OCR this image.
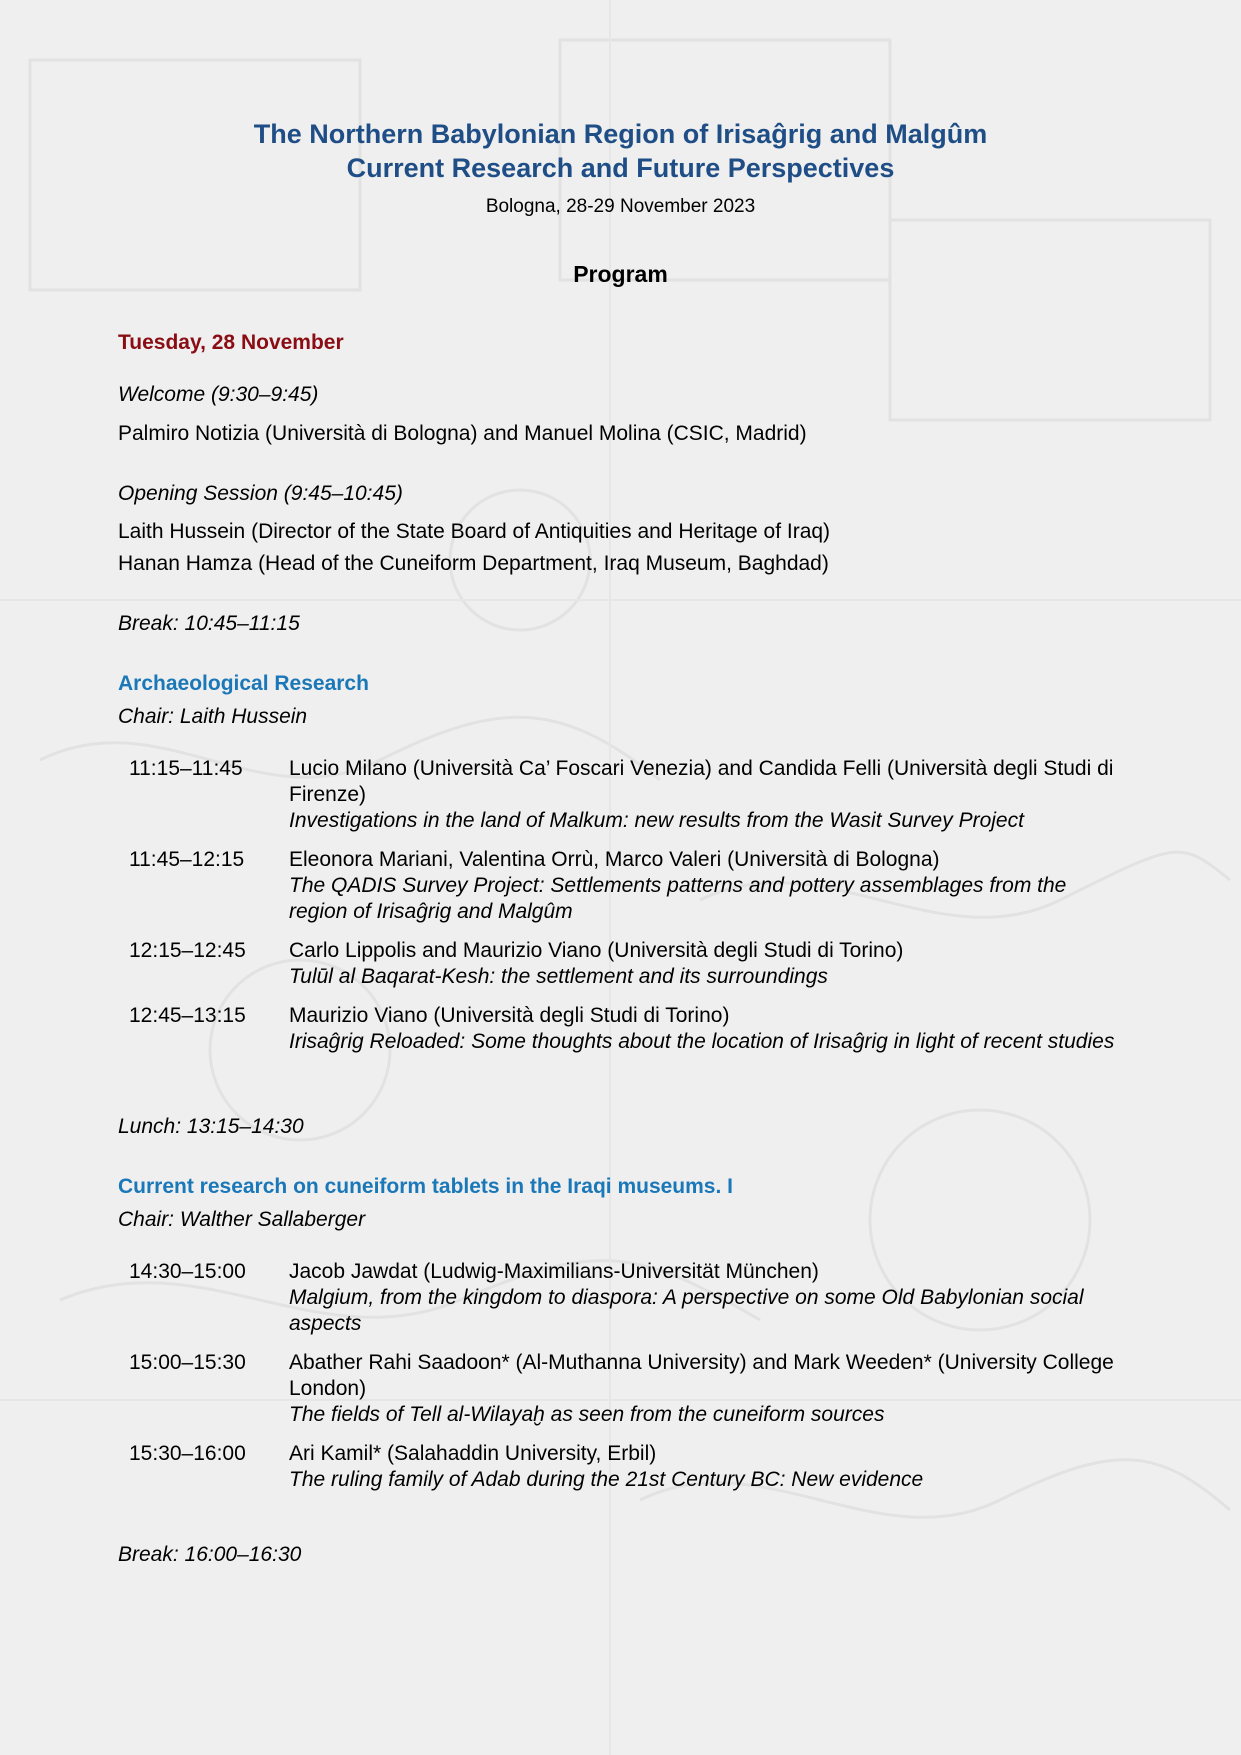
The Northern Babylonian Region of Irisaĝrig and Malgûm
Current Research and Future Perspectives
Bologna, 28-29 November 2023
Program
Tuesday, 28 November
Welcome (9:30–9:45)
Palmiro Notizia (Università di Bologna) and Manuel Molina (CSIC, Madrid)
Opening Session (9:45–10:45)
Laith Hussein (Director of the State Board of Antiquities and Heritage of Iraq)
Hanan Hamza (Head of the Cuneiform Department, Iraq Museum, Baghdad)
Break: 10:45–11:15
Archaeological Research
Chair: Laith Hussein
11:15–11:45 Lucio Milano (Università Ca’ Foscari Venezia) and Candida Felli (Università degli Studi di Firenze)
Investigations in the land of Malkum: new results from the Wasit Survey Project
11:45–12:15 Eleonora Mariani, Valentina Orrù, Marco Valeri (Università di Bologna)
The QADIS Survey Project: Settlements patterns and pottery assemblages from the region of Irisaĝrig and Malgûm
12:15–12:45 Carlo Lippolis and Maurizio Viano (Università degli Studi di Torino)
Tulūl al Baqarat-Kesh: the settlement and its surroundings
12:45–13:15 Maurizio Viano (Università degli Studi di Torino)
Irisaĝrig Reloaded: Some thoughts about the location of Irisaĝrig in light of recent studies
Lunch: 13:15–14:30
Current research on cuneiform tablets in the Iraqi museums. I
Chair: Walther Sallaberger
14:30–15:00 Jacob Jawdat (Ludwig-Maximilians-Universität München)
Malgium, from the kingdom to diaspora: A perspective on some Old Babylonian social aspects
15:00–15:30 Abather Rahi Saadoon* (Al-Muthanna University) and Mark Weeden* (University College London)
The fields of Tell al-Wilayaḫ as seen from the cuneiform sources
15:30–16:00 Ari Kamil* (Salahaddin University, Erbil)
The ruling family of Adab during the 21st Century BC: New evidence
Break: 16:00–16:30
